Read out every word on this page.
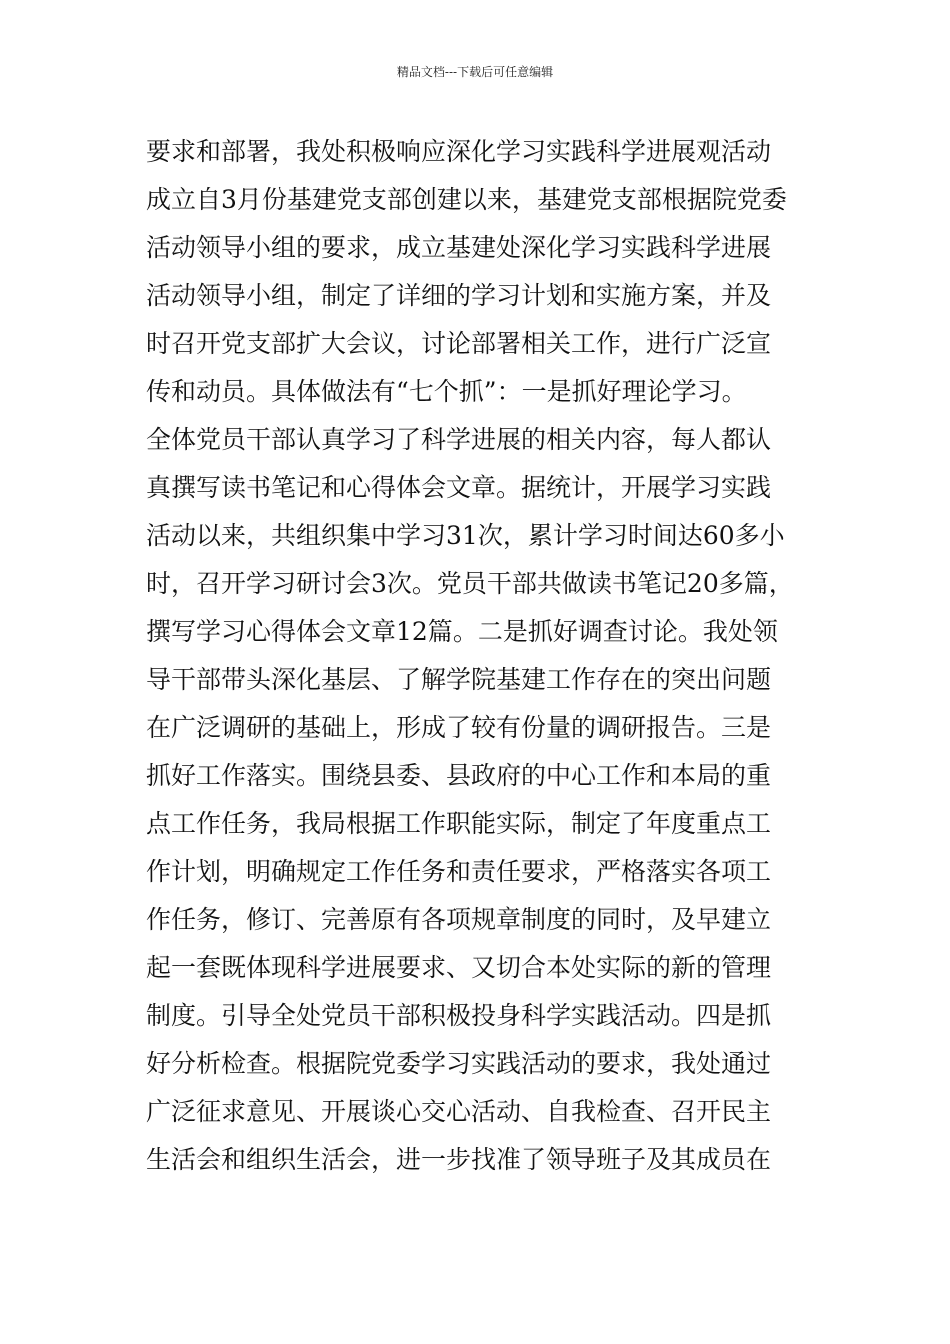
精品文档---下载后可任意编辑
要求和部署，我处积极响应深化学习实践科学进展观活动
成立自3月份基建党支部创建以来，基建党支部根据院党委
活动领导小组的要求，成立基建处深化学习实践科学进展
活动领导小组，制定了详细的学习计划和实施方案，并及
时召开党支部扩大会议，讨论部署相关工作，进行广泛宣
传和动员。具体做法有“七个抓”：一是抓好理论学习。
全体党员干部认真学习了科学进展的相关内容，每人都认
真撰写读书笔记和心得体会文章。据统计，开展学习实践
活动以来，共组织集中学习31次，累计学习时间达60多小
时，召开学习研讨会3次。党员干部共做读书笔记20多篇，
撰写学习心得体会文章12篇。二是抓好调查讨论。我处领
导干部带头深化基层、了解学院基建工作存在的突出问题
在广泛调研的基础上，形成了较有份量的调研报告。三是
抓好工作落实。围绕县委、县政府的中心工作和本局的重
点工作任务，我局根据工作职能实际，制定了年度重点工
作计划，明确规定工作任务和责任要求，严格落实各项工
作任务，修订、完善原有各项规章制度的同时，及早建立
起一套既体现科学进展要求、又切合本处实际的新的管理
制度。引导全处党员干部积极投身科学实践活动。四是抓
好分析检查。根据院党委学习实践活动的要求，我处通过
广泛征求意见、开展谈心交心活动、自我检查、召开民主
生活会和组织生活会，进一步找准了领导班子及其成员在
